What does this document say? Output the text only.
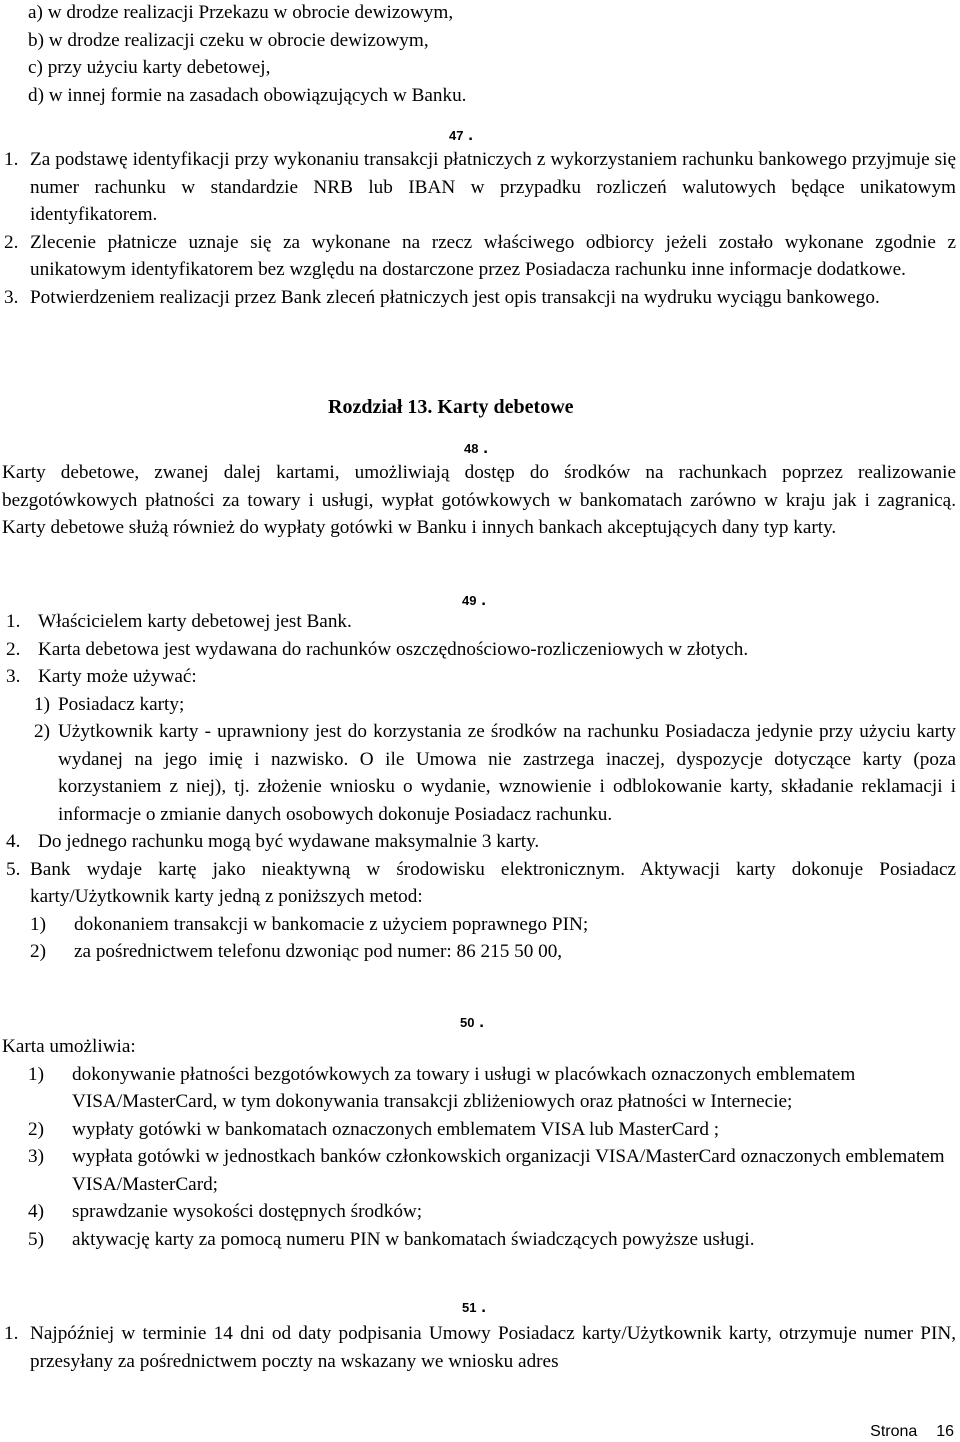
a) w drodze realizacji Przekazu w obrocie dewizowym,
b) w drodze realizacji czeku w obrocie dewizowym,
c) przy użyciu karty debetowej,
d) w innej formie na zasadach obowiązujących w Banku.
47 .
1. Za podstawę identyfikacji przy wykonaniu transakcji płatniczych z wykorzystaniem rachunku bankowego przyjmuje się numer rachunku w standardzie NRB lub IBAN w przypadku rozliczeń walutowych będące unikatowym identyfikatorem.
2. Zlecenie płatnicze uznaje się za wykonane na rzecz właściwego odbiorcy jeżeli zostało wykonane zgodnie z unikatowym identyfikatorem bez względu na dostarczone przez Posiadacza rachunku inne informacje dodatkowe.
3. Potwierdzeniem realizacji przez Bank zleceń płatniczych jest opis transakcji na wydruku wyciągu bankowego.
Rozdział 13. Karty debetowe
48 .
Karty debetowe, zwanej dalej kartami, umożliwiają dostęp do środków na rachunkach poprzez realizowanie bezgotówkowych płatności za towary i usługi, wypłat gotówkowych w bankomatach zarówno w kraju jak i zagranicą. Karty debetowe służą również do wypłaty gotówki w Banku i innych bankach akceptujących dany typ karty.
49 .
1. Właścicielem karty debetowej jest Bank.
2. Karta debetowa jest wydawana do rachunków oszczędnościowo-rozliczeniowych w złotych.
3. Karty może używać:
1) Posiadacz karty;
2) Użytkownik karty - uprawniony jest do korzystania ze środków na rachunku Posiadacza jedynie przy użyciu karty wydanej na jego imię i nazwisko. O ile Umowa nie zastrzega inaczej, dyspozycje dotyczące karty (poza korzystaniem z niej), tj. złożenie wniosku o wydanie, wznowienie i odblokowanie karty, składanie reklamacji i informacje o zmianie danych osobowych dokonuje Posiadacz rachunku.
4. Do jednego rachunku mogą być wydawane maksymalnie 3 karty.
5. Bank wydaje kartę jako nieaktywną w środowisku elektronicznym. Aktywacji karty dokonuje Posiadacz karty/Użytkownik karty jedną z poniższych metod:
1)	dokonaniem transakcji w bankomacie z użyciem poprawnego PIN;
2)	za pośrednictwem telefonu dzwoniąc pod numer: 86 215 50 00,
50 .
Karta umożliwia:
1)	dokonywanie płatności bezgotówkowych za towary i usługi w placówkach oznaczonych emblematem VISA/MasterCard, w tym dokonywania transakcji zbliżeniowych oraz płatności w Internecie;
2)	wypłaty gotówki w bankomatach oznaczonych emblematem VISA lub MasterCard ;
3)	wypłata gotówki w jednostkach banków członkowskich organizacji VISA/MasterCard oznaczonych emblematem VISA/MasterCard;
4)	sprawdzanie wysokości dostępnych środków;
5)	aktywację karty za pomocą numeru PIN w bankomatach świadczących powyższe usługi.
51 .
1. Najpóźniej w terminie 14 dni od daty podpisania Umowy Posiadacz karty/Użytkownik karty, otrzymuje numer PIN, przesyłany za pośrednictwem poczty na wskazany we wniosku adres
Strona 16
